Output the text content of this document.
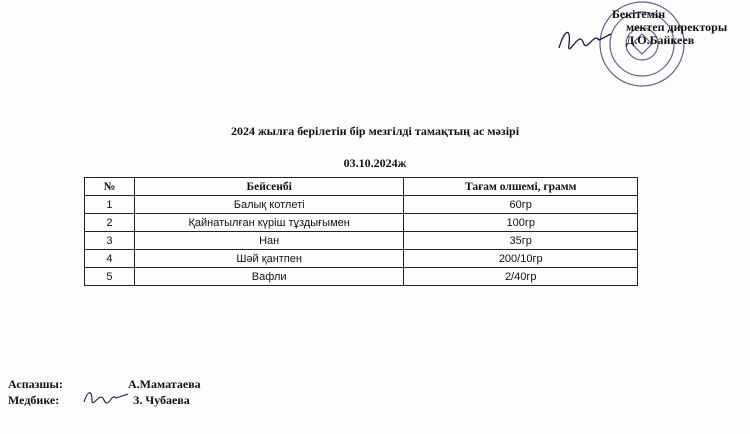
Бекітемін
мектеп директоры
Д.О.Байкеев
2024 жылға берілетін бір мезгілді тамақтың ас мәзірі
03.10.2024ж
№	Бейсенбі	Тағам олшемі, грамм
1	Балық котлеті	60гр
2	Қайнатылған күріш тұздығымен	100гр
3	Нан	35гр
4	Шәй қантпен	200/10гр
5	Вафли	2/40гр
Аспазшы:	А.Маматаева
Медбике:	З. Чубаева
